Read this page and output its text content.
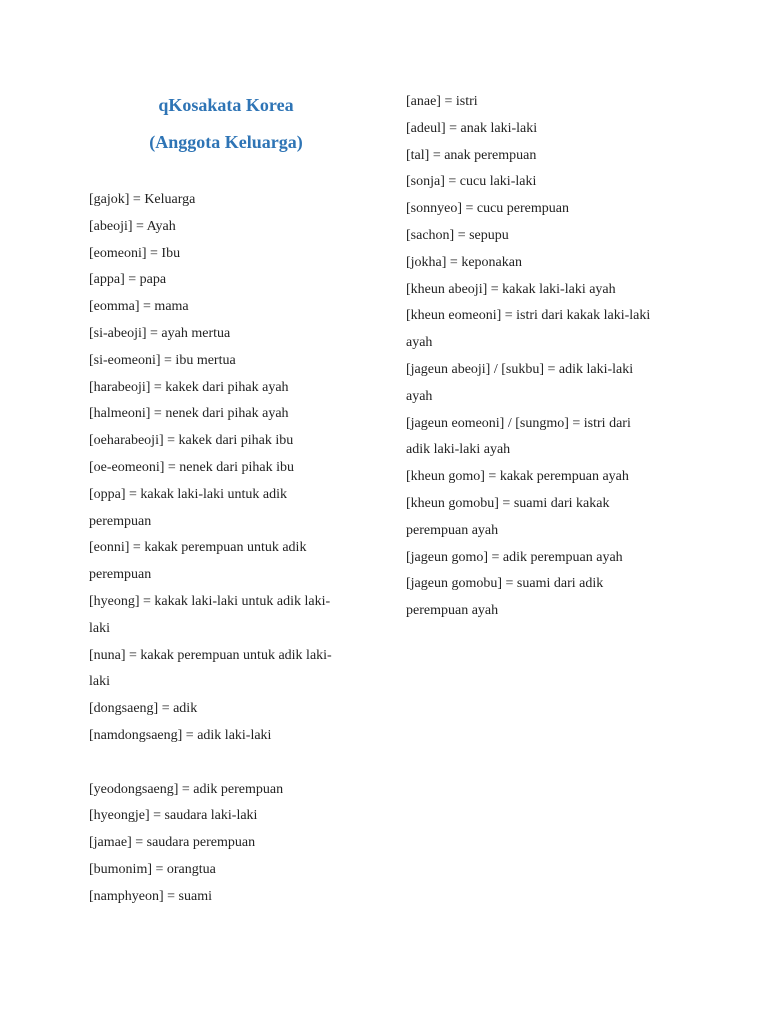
qKosakata Korea
(Anggota Keluarga)
[gajok] = Keluarga
[abeoji] = Ayah
[eomeoni] = Ibu
[appa] = papa
[eomma] = mama
[si-abeoji] = ayah mertua
[si-eomeoni] = ibu mertua
[harabeoji] = kakek dari pihak ayah
[halmeoni] = nenek dari pihak ayah
[oeharabeoji] = kakek dari pihak ibu
[oe-eomeoni] = nenek dari pihak ibu
[oppa] = kakak laki-laki untuk adik
perempuan
[eonni] = kakak perempuan untuk adik
perempuan
[hyeong] = kakak laki-laki untuk adik laki-
laki
[nuna] = kakak perempuan untuk adik laki-
laki
[dongsaeng] = adik
[namdongsaeng] = adik laki-laki
[yeodongsaeng] = adik perempuan
[hyeongje] = saudara laki-laki
[jamae] = saudara perempuan
[bumonim] = orangtua
[namphyeon] = suami
[anae] = istri
[adeul] = anak laki-laki
[tal] = anak perempuan
[sonja] = cucu laki-laki
[sonnyeo] = cucu perempuan
[sachon] = sepupu
[jokha] = keponakan
[kheun abeoji] = kakak laki-laki ayah
[kheun eomeoni] = istri dari kakak laki-laki
ayah
[jageun abeoji] / [sukbu] = adik laki-laki
ayah
[jageun eomeoni] / [sungmo] = istri dari
adik laki-laki ayah
[kheun gomo] = kakak perempuan ayah
[kheun gomobu] = suami dari kakak
perempuan ayah
[jageun gomo] = adik perempuan ayah
[jageun gomobu] = suami dari adik
perempuan ayah
